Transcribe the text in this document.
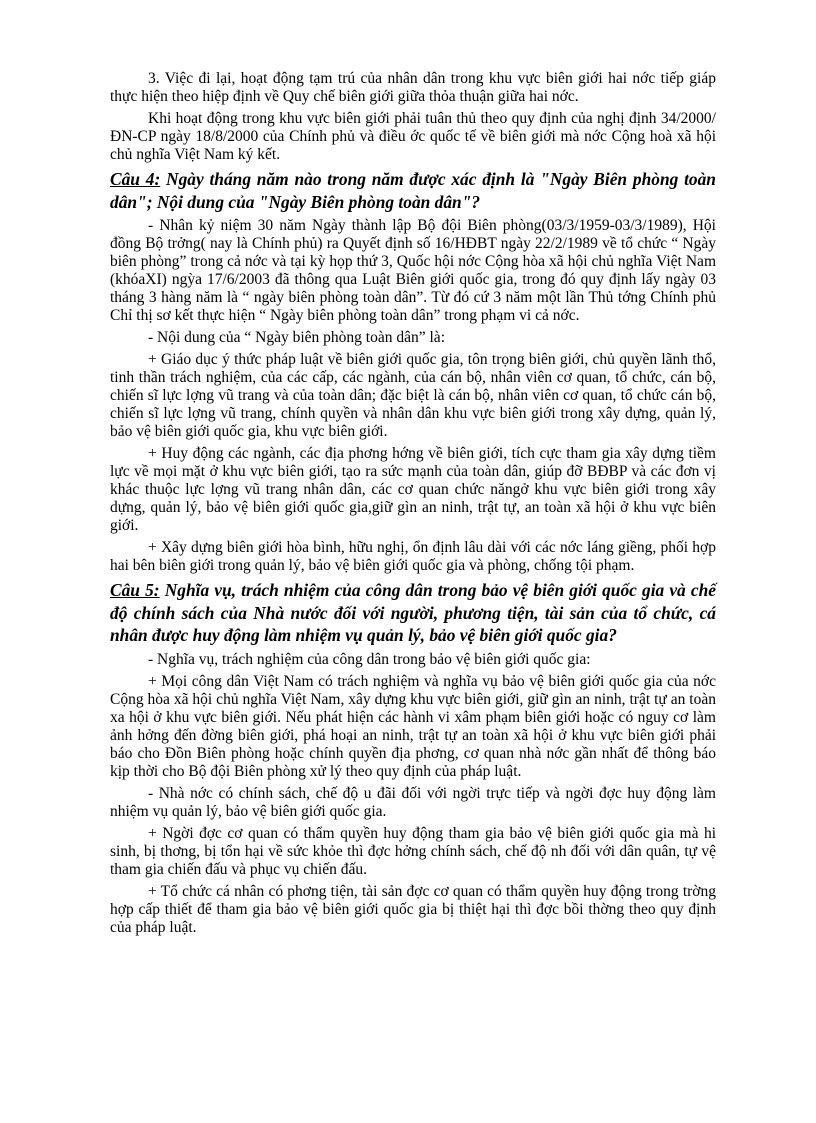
3. Việc đi lại, hoạt động tạm trú của nhân dân trong khu vực biên giới hai nớc tiếp giáp thực hiện theo hiệp định về Quy chế biên giới giữa thỏa thuận giữa hai nớc.

Khi hoạt động trong khu vực biên giới phải tuân thủ theo quy định của nghị định 34/2000/ĐN-CP ngày 18/8/2000 của Chính phủ và điều ớc quốc tế về biên giới mà nớc Cộng hoà xã hội chủ nghĩa Việt Nam ký kết.

Câu 4: Ngày tháng năm nào trong năm được xác định là "Ngày Biên phòng toàn dân"; Nội dung của "Ngày Biên phòng toàn dân"?

- Nhân kỷ niệm 30 năm Ngày thành lập Bộ đội Biên phòng(03/3/1959-03/3/1989), Hội đồng Bộ trởng( nay là Chính phủ) ra Quyết định số 16/HĐBT ngày 22/2/1989 về tổ chức “ Ngày biên phòng” trong cả nớc và tại kỳ họp thứ 3, Quốc hội nớc Cộng hòa xã hội chủ nghĩa Việt Nam (khóaXI) ngỳa 17/6/2003 đã thông qua Luật Biên giới quốc gia, trong đó quy định lấy ngày 03 tháng 3 hàng năm là “ ngày biên phòng toàn dân”. Từ đó cứ 3 năm một lần Thủ tớng Chính phủ Chỉ thị sơ kết thực hiện “ Ngày biên phòng toàn dân” trong phạm vi cả nớc.

- Nội dung của “ Ngày biên phòng toàn dân” là:

+ Giáo dục ý thức pháp luật về biên giới quốc gia, tôn trọng biên giới, chủ quyền lãnh thổ, tinh thần trách nghiệm, của các cấp, các ngành, của cán bộ, nhân viên cơ quan, tổ chức, cán bộ, chiến sĩ lực lợng vũ trang và của toàn dân; đặc biệt là cán bộ, nhân viên cơ quan, tổ chức cán bộ, chiến sĩ lực lợng vũ trang, chính quyền và nhân dân khu vực biên giới trong xây dựng, quản lý, bảo vệ biên giới quốc gia, khu vực biên giới.

+ Huy động các ngành, các địa phơng hớng về biên giới, tích cực tham gia xây dựng tiềm lực về mọi mặt ở khu vực biên giới, tạo ra sức mạnh của toàn dân, giúp đỡ BĐBP và các đơn vị khác thuộc lực lợng vũ trang nhân dân, các cơ quan chức năngở khu vực biên giới trong xây dựng, quản lý, bảo vệ biên giới quốc gia,giữ gìn an ninh, trật tự, an toàn xã hội ở khu vực biên giới.

+ Xây dựng biên giới hòa bình, hữu nghị, ổn định lâu dài với các nớc láng giềng, phối hợp hai bên biên giới trong quản lý, bảo vệ biên giới quốc gia và phòng, chống tội phạm.

Câu 5: Nghĩa vụ, trách nhiệm của công dân trong bảo vệ biên giới quốc gia và chế độ chính sách của Nhà nước đối với người, phương tiện, tài sản của tổ chức, cá nhân được huy động làm nhiệm vụ quản lý, bảo vệ biên giới quốc gia?

- Nghĩa vụ, trách nghiệm của công dân trong bảo vệ biên giới quốc gia:

+ Mọi công dân Việt Nam có trách nghiệm và nghĩa vụ bảo vệ biên giới quốc gia của nớc Cộng hòa xã hội chủ nghĩa Việt Nam, xây dựng khu vực biên giới, giữ gìn an ninh, trật tự an toàn xa hội ở khu vực biên giới. Nếu phát hiện các hành vi xâm phạm biên giới hoặc có nguy cơ làm ảnh hởng đến đờng biên giới, phá hoại an ninh, trật tự an toàn xã hội ở khu vực biên giới phải báo cho Đồn Biên phòng hoặc chính quyền địa phơng, cơ quan nhà nớc gần nhất để thông báo kịp thời cho Bộ đội Biên phòng xử lý theo quy định của pháp luật.

- Nhà nớc có chính sách, chế độ u đãi đối với ngời trực tiếp và ngời đợc huy động làm nhiệm vụ quản lý, bảo vệ biên giới quốc gia.

+ Ngời đợc cơ quan có thẩm quyền huy động tham gia bảo vệ biên giới quốc gia mà hi sinh, bị thơng, bị tổn hại về sức khỏe thì đợc hởng chính sách, chế độ nh đối với dân quân, tự vệ tham gia chiến đấu và phục vụ chiến đấu.

+ Tổ chức cá nhân có phơng tiện, tài sản đợc cơ quan có thẩm quyền huy động trong trờng hợp cấp thiết để tham gia bảo vệ biên giới quốc gia bị thiệt hại thì đợc bồi thờng theo quy định của pháp luật.
